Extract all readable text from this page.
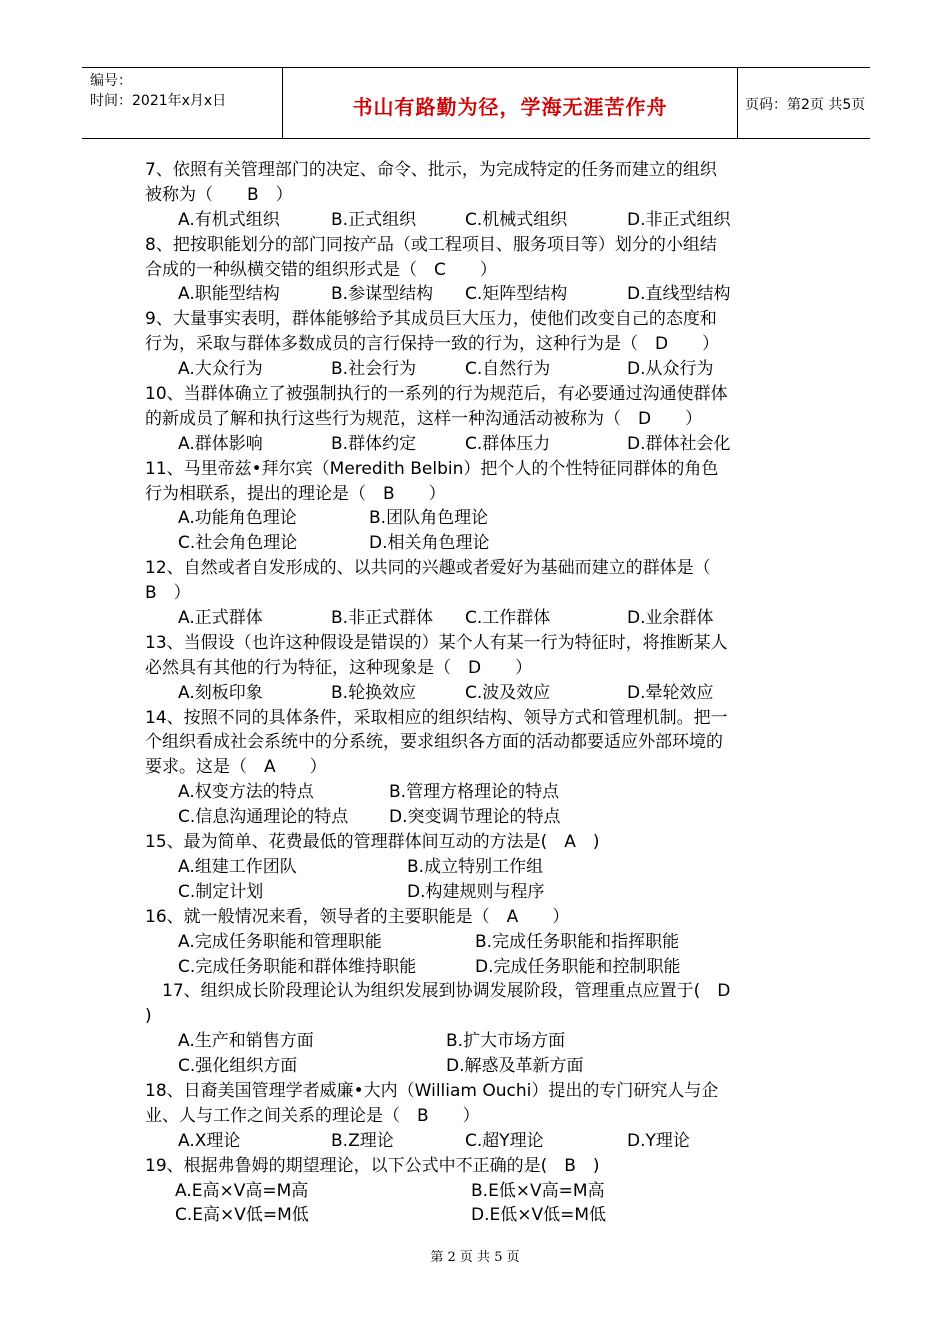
编号：
时间：2021年x月x日	书山有路勤为径，学海无涯苦作舟	页码：第2页 共5页
7、依照有关管理部门的决定、命令、批示，为完成特定的任务而建立的组织
被称为（　　B　）
A.有机式组织	B.正式组织	C.机械式组织	D.非正式组织
8、把按职能划分的部门同按产品（或工程项目、服务项目等）划分的小组结
合成的一种纵横交错的组织形式是（　C　　）
A.职能型结构	B.参谋型结构 C.矩阵型结构	D.直线型结构
9、大量事实表明，群体能够给予其成员巨大压力，使他们改变自己的态度和
行为，采取与群体多数成员的言行保持一致的行为，这种行为是（　D　　）
A.大众行为	B.社会行为	C.自然行为	D.从众行为
10、当群体确立了被强制执行的一系列的行为规范后，有必要通过沟通使群体
的新成员了解和执行这些行为规范，这样一种沟通活动被称为（　D　　）
A.群体影响	B.群体约定	C.群体压力	D.群体社会化
11、马里帝兹•拜尔宾（Meredith Belbin）把个人的个性特征同群体的角色
行为相联系，提出的理论是（　B　　）
A.功能角色理论	B.团队角色理论
C.社会角色理论	D.相关角色理论
12、自然或者自发形成的、以共同的兴趣或者爱好为基础而建立的群体是（
B　）
A.正式群体	B.非正式群体 C.工作群体	D.业余群体
13、当假设（也许这种假设是错误的）某个人有某一行为特征时，将推断某人
必然具有其他的行为特征，这种现象是（　D　　）
A.刻板印象	B.轮换效应	C.波及效应	D.晕轮效应
14、按照不同的具体条件，采取相应的组织结构、领导方式和管理机制。把一
个组织看成社会系统中的分系统，要求组织各方面的活动都要适应外部环境的
要求。这是（　A　　）
A.权变方法的特点	B.管理方格理论的特点
C.信息沟通理论的特点 D.突变调节理论的特点
15、最为简单、花费最低的管理群体间互动的方法是(　A　)
A.组建工作团队	B.成立特别工作组
C.制定计划	D.构建规则与程序
16、就一般情况来看，领导者的主要职能是（　A　　）
A.完成任务职能和管理职能	B.完成任务职能和指挥职能
C.完成任务职能和群体维持职能	D.完成任务职能和控制职能
　17、组织成长阶段理论认为组织发展到协调发展阶段，管理重点应置于(　D
)
A.生产和销售方面	B.扩大市场方面
C.强化组织方面	D.解惑及革新方面
18、日裔美国管理学者威廉•大内（William Ouchi）提出的专门研究人与企
业、人与工作之间关系的理论是（　B　　）
A.X理论	B.Z理论	C.超Y理论	D.Y理论
19、根据弗鲁姆的期望理论，以下公式中不正确的是(　B　)
A.E高×V高=M高	B.E低×V高=M高
C.E高×V低=M低	D.E低×V低=M低
第 2 页 共 5 页
